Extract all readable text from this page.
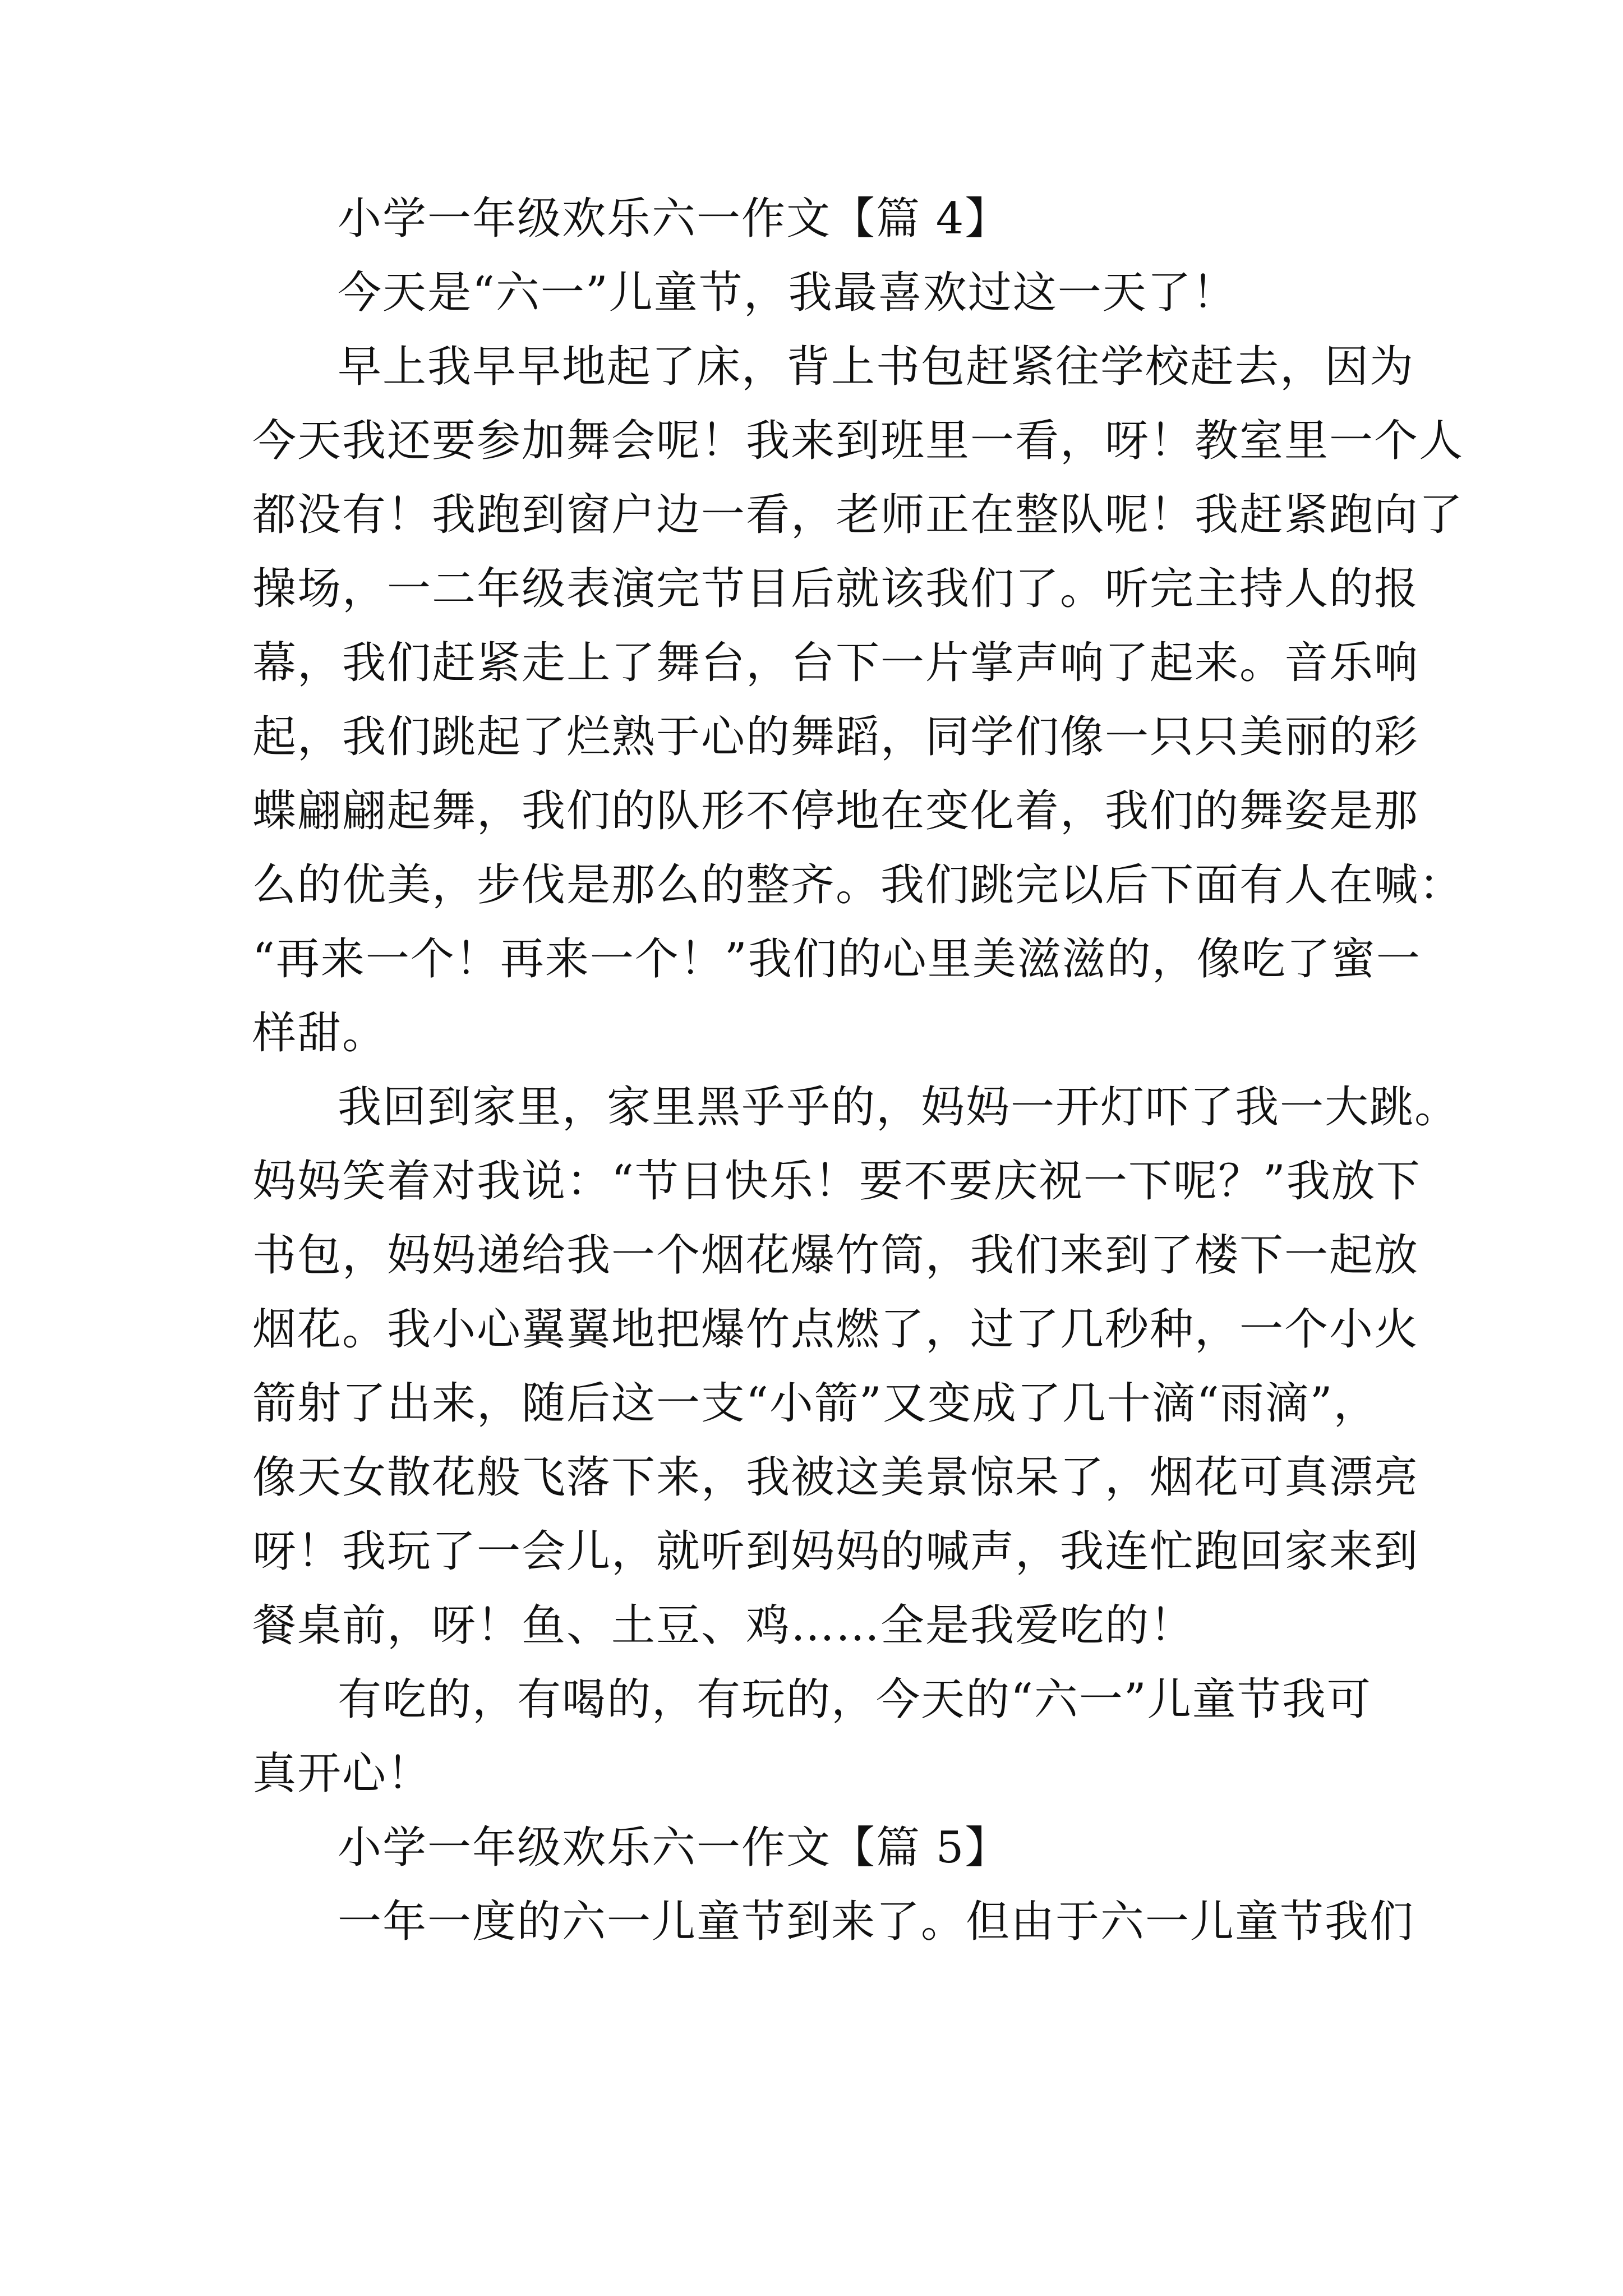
小学一年级欢乐六一作文【篇 4】
今天是“六一”儿童节，我最喜欢过这一天了！
早上我早早地起了床，背上书包赶紧往学校赶去，因为
今天我还要参加舞会呢！我来到班里一看，呀！教室里一个人
都没有！我跑到窗户边一看，老师正在整队呢！我赶紧跑向了
操场，一二年级表演完节目后就该我们了。听完主持人的报
幕，我们赶紧走上了舞台，台下一片掌声响了起来。音乐响
起，我们跳起了烂熟于心的舞蹈，同学们像一只只美丽的彩
蝶翩翩起舞，我们的队形不停地在变化着，我们的舞姿是那
么的优美，步伐是那么的整齐。我们跳完以后下面有人在喊：
“再来一个！再来一个！”我们的心里美滋滋的，像吃了蜜一
样甜。
我回到家里，家里黑乎乎的，妈妈一开灯吓了我一大跳。
妈妈笑着对我说：“节日快乐！要不要庆祝一下呢？”我放下
书包，妈妈递给我一个烟花爆竹筒，我们来到了楼下一起放
烟花。我小心翼翼地把爆竹点燃了，过了几秒种，一个小火
箭射了出来，随后这一支“小箭”又变成了几十滴“雨滴”，
像天女散花般飞落下来，我被这美景惊呆了，烟花可真漂亮
呀！我玩了一会儿，就听到妈妈的喊声，我连忙跑回家来到
餐桌前，呀！鱼、土豆、鸡……全是我爱吃的！
有吃的，有喝的，有玩的，今天的“六一”儿童节我可
真开心！
小学一年级欢乐六一作文【篇 5】
一年一度的六一儿童节到来了。但由于六一儿童节我们
